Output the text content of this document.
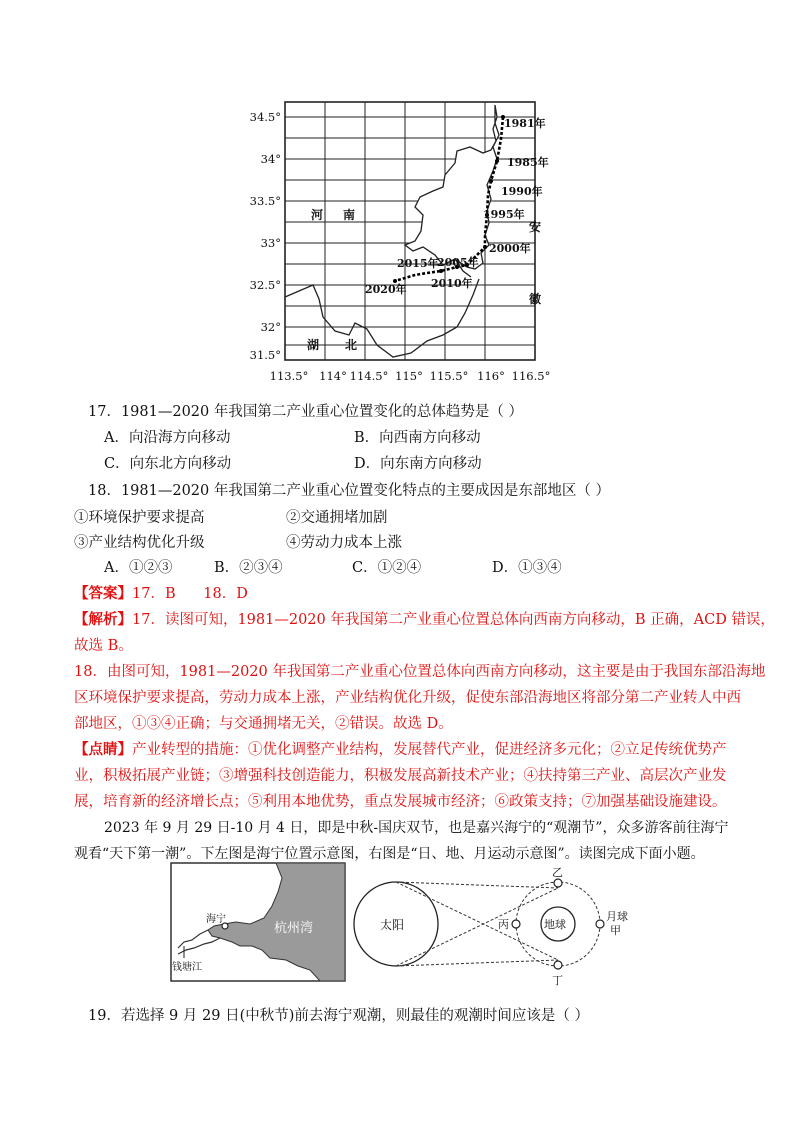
34.5°
34°
33.5°
33°
32.5°
32°
31.5°
113.5° 114° 114.5° 115° 115.5° 116° 116.5°
河 南
安
徽
湖 北
1981年
1985年
1990年
1995年
2000年
2005年
2010年
2015年
2020年
17．1981—2020 年我国第二产业重心位置变化的总体趋势是（ ）
A．向沿海方向移动	B．向西南方向移动
C．向东北方向移动	D．向东南方向移动
18．1981—2020 年我国第二产业重心位置变化特点的主要成因是东部地区（ ）
①环境保护要求提高	②交通拥堵加剧
③产业结构优化升级	④劳动力成本上涨
A．①②③	B．②③④	C．①②④	D．①③④
【答案】17．B      18．D
【解析】17．读图可知，1981—2020 年我国第二产业重心位置总体向西南方向移动，B 正确，ACD 错误，
故选 B。
18．由图可知，1981—2020 年我国第二产业重心位置总体向西南方向移动，这主要是由于我国东部沿海地
区环境保护要求提高，劳动力成本上涨，产业结构优化升级，促使东部沿海地区将部分第二产业转人中西
部地区，①③④正确；与交通拥堵无关，②错误。故选 D。
【点睛】产业转型的措施：①优化调整产业结构，发展替代产业，促进经济多元化；②立足传统优势产
业，积极拓展产业链；③增强科技创造能力，积极发展高新技术产业；④扶持第三产业、高层次产业发
展，培育新的经济增长点；⑤利用本地优势，重点发展城市经济；⑥政策支持；⑦加强基础设施建设。
2023 年 9 月 29 日-10 月 4 日，即是中秋-国庆双节，也是嘉兴海宁的“观潮节”，众多游客前往海宁
观看“天下第一潮”。下左图是海宁位置示意图，右图是“日、地、月运动示意图”。读图完成下面小题。
海宁
杭州湾
钱塘江
太阳	地球
乙
丁
丙
月球
甲
19．若选择 9 月 29 日(中秋节)前去海宁观潮，则最佳的观潮时间应该是（ ）
